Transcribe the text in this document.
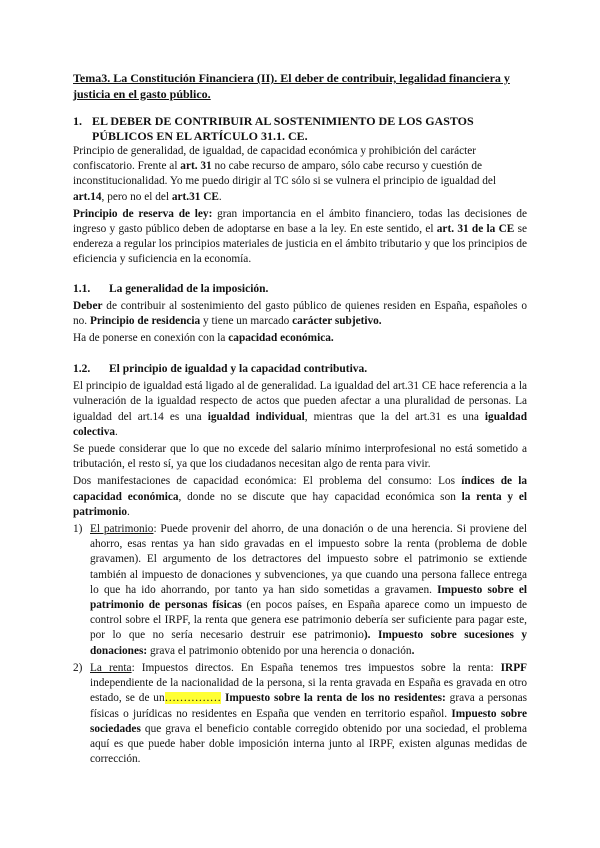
Tema3. La Constitución Financiera (II). El deber de contribuir, legalidad financiera y justicia en el gasto público.
1. EL DEBER DE CONTRIBUIR AL SOSTENIMIENTO DE LOS GASTOS PÚBLICOS EN EL ARTÍCULO 31.1. CE.

Principio de generalidad, de igualdad, de capacidad económica y prohibición del carácter confiscatorio. Frente al art. 31 no cabe recurso de amparo, sólo cabe recurso y cuestión de inconstitucionalidad. Yo me puedo dirigir al TC sólo si se vulnera el principio de igualdad del art.14, pero no el del art.31 CE.

Principio de reserva de ley: gran importancia en el ámbito financiero, todas las decisiones de ingreso y gasto público deben de adoptarse en base a la ley. En este sentido, el art. 31 de la CE se endereza a regular los principios materiales de justicia en el ámbito tributario y que los principios de eficiencia y suficiencia en la economía.

1.1.	La generalidad de la imposición.

Deber de contribuir al sostenimiento del gasto público de quienes residen en España, españoles o no. Principio de residencia y tiene un marcado carácter subjetivo.

Ha de ponerse en conexión con la capacidad económica.

1.2.	El principio de igualdad y la capacidad contributiva.

El principio de igualdad está ligado al de generalidad. La igualdad del art.31 CE hace referencia a la vulneración de la igualdad respecto de actos que pueden afectar a una pluralidad de personas. La igualdad del art.14 es una igualdad individual, mientras que la del art.31 es una igualdad colectiva.

Se puede considerar que lo que no excede del salario mínimo interprofesional no está sometido a tributación, el resto sí, ya que los ciudadanos necesitan algo de renta para vivir.

Dos manifestaciones de capacidad económica: El problema del consumo: Los índices de la capacidad económica, donde no se discute que hay capacidad económica son la renta y el patrimonio.

1) El patrimonio: Puede provenir del ahorro, de una donación o de una herencia. Si proviene del ahorro, esas rentas ya han sido gravadas en el impuesto sobre la renta (problema de doble gravamen). El argumento de los detractores del impuesto sobre el patrimonio se extiende también al impuesto de donaciones y subvenciones, ya que cuando una persona fallece entrega lo que ha ido ahorrando, por tanto ya han sido sometidas a gravamen. Impuesto sobre el patrimonio de personas físicas (en pocos países, en España aparece como un impuesto de control sobre el IRPF, la renta que genera ese patrimonio debería ser suficiente para pagar este, por lo que no sería necesario destruir ese patrimonio). Impuesto sobre sucesiones y donaciones: grava el patrimonio obtenido por una herencia o donación.

2) La renta: Impuestos directos. En España tenemos tres impuestos sobre la renta: IRPF independiente de la nacionalidad de la persona, si la renta gravada en España es gravada en otro estado, se de un…………… Impuesto sobre la renta de los no residentes: grava a personas físicas o jurídicas no residentes en España que venden en territorio español. Impuesto sobre sociedades que grava el beneficio contable corregido obtenido por una sociedad, el problema aquí es que puede haber doble imposición interna junto al IRPF, existen algunas medidas de corrección.
